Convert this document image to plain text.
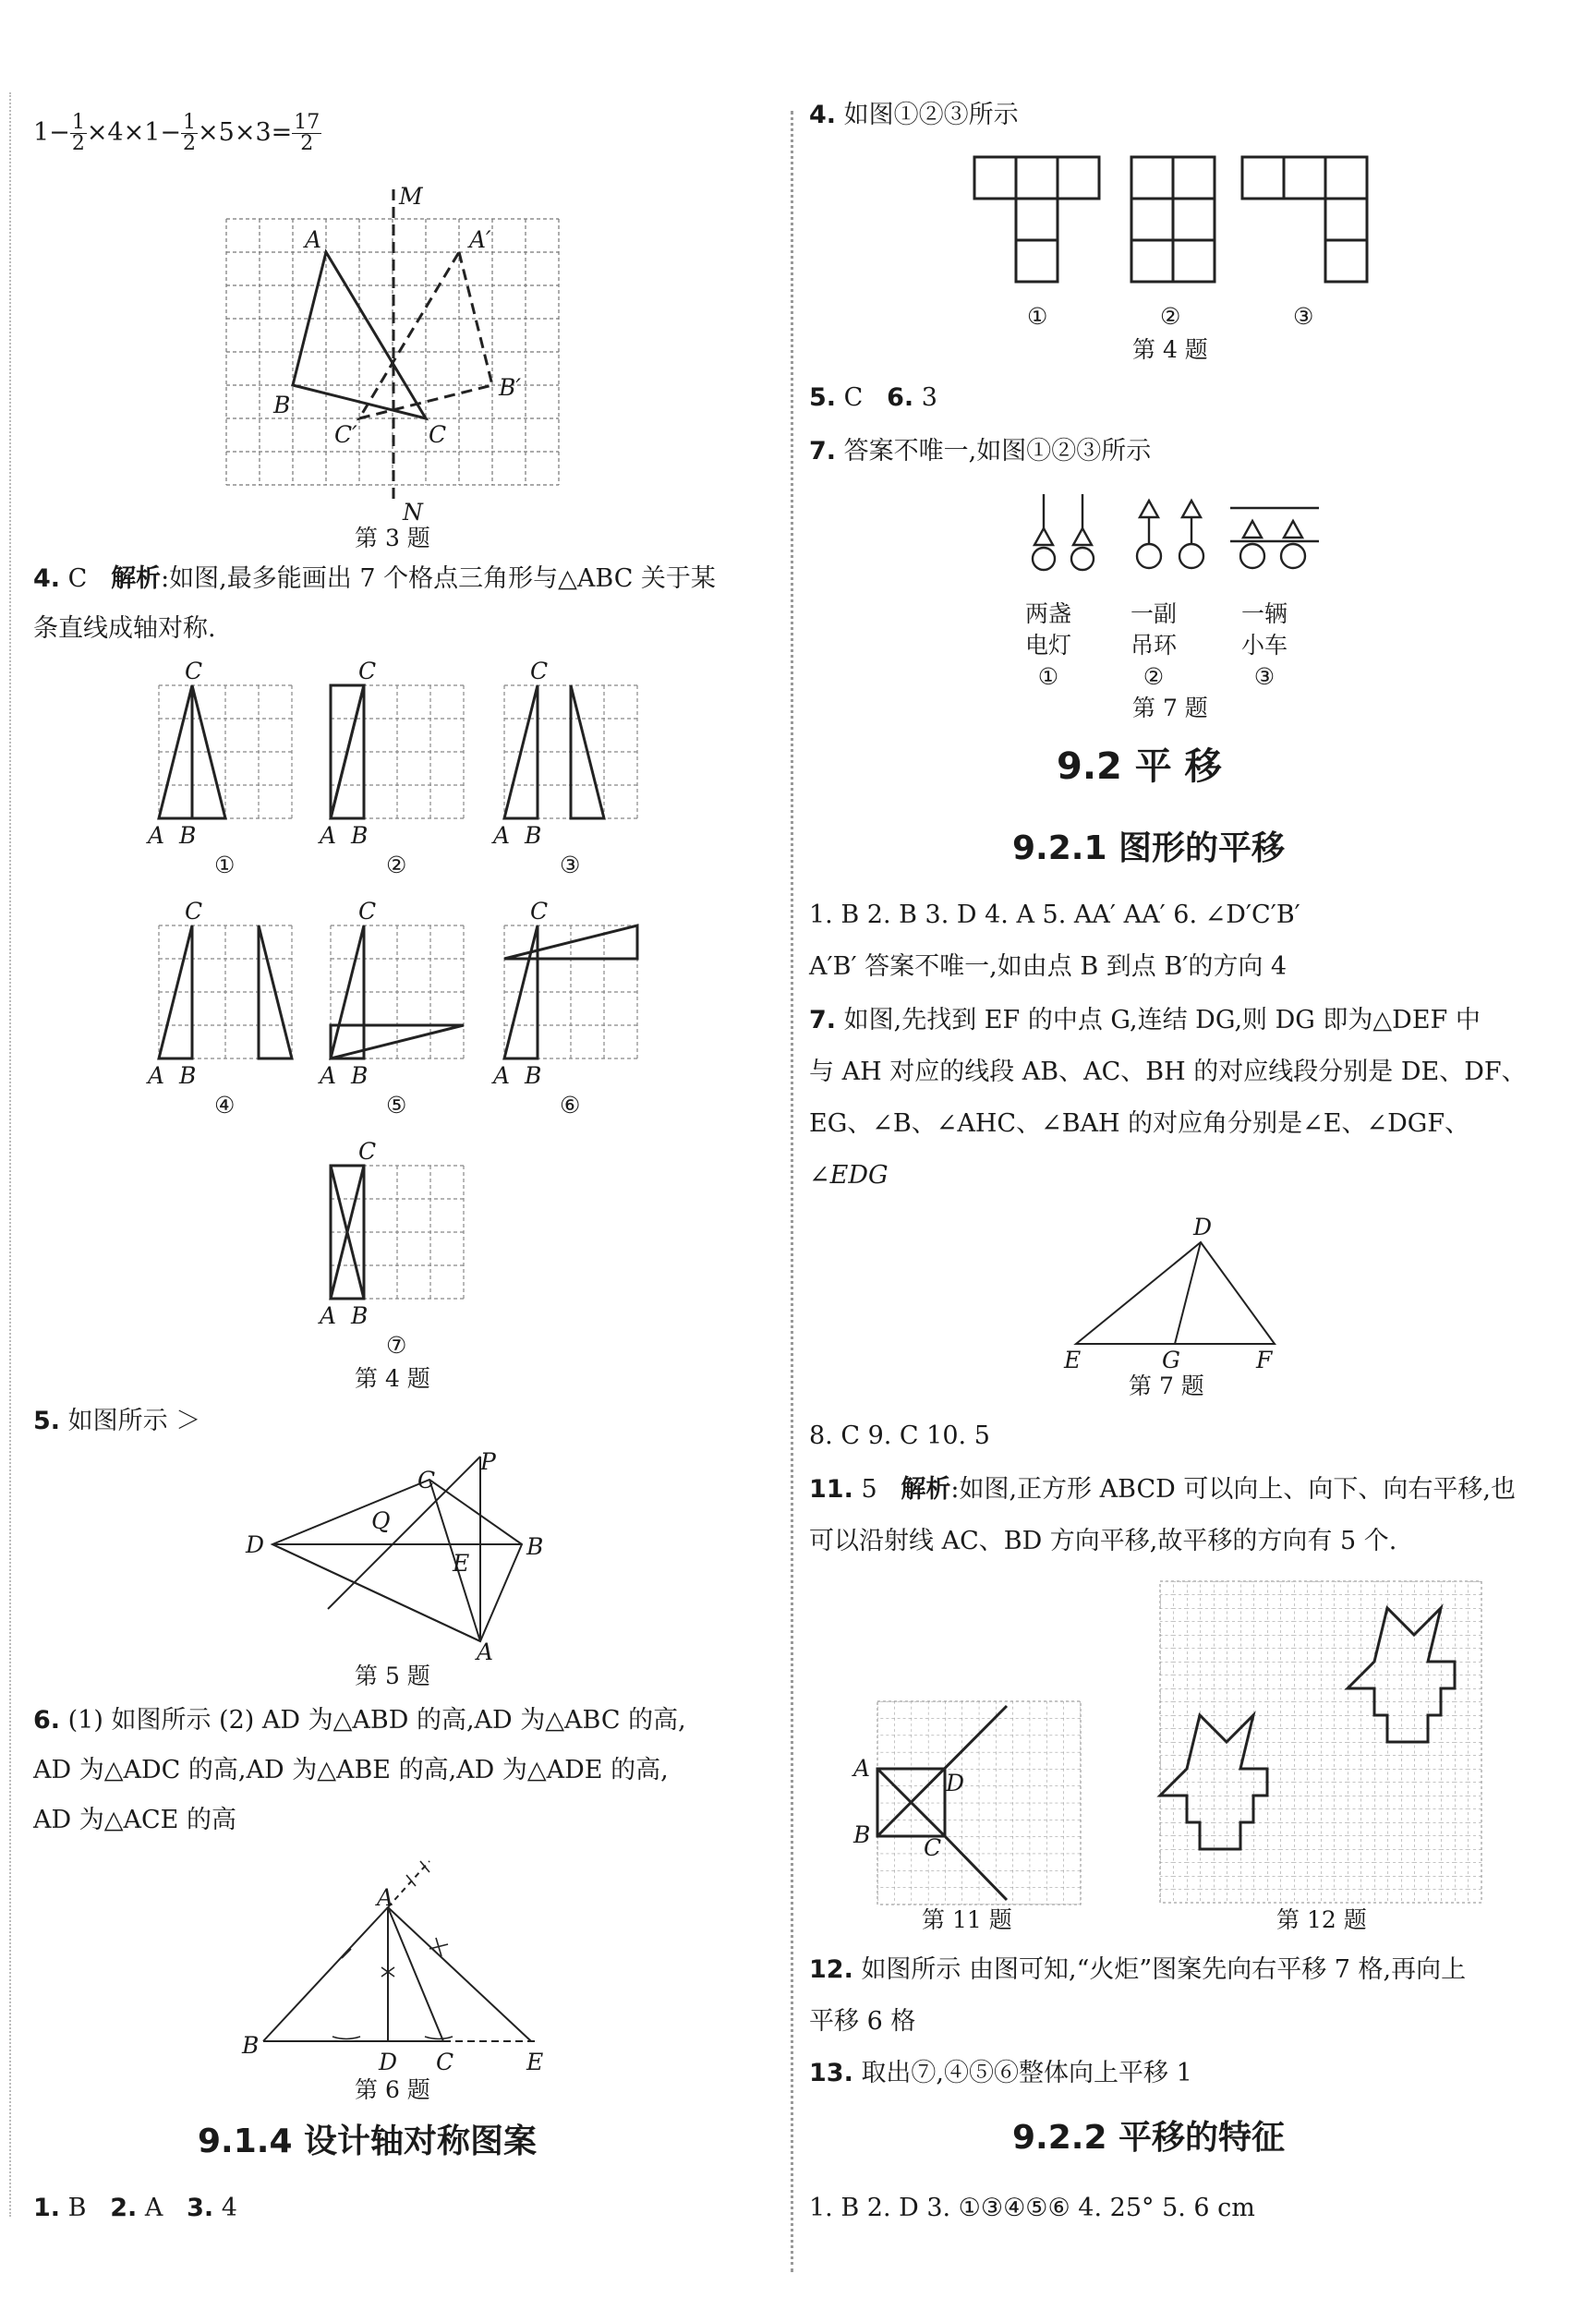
$1- \frac{1}{2} \times 4\times 1- \frac{1}{2} \times 5\times 3= \frac{17}{2}$
M
A	A′
B
B′
C′	C
N
第 3 题
4. C 解析:如图,最多能画出 7 个格点三角形与△ABC 关于某
条直线成轴对称.
C
A B
①
C
A B
②
C
A B
③
C
A B
④
C
A B
⑤
C
A B
⑥
C
A B
⑦
第 4 题
5. 如图所示 ＞
P
C
Q
D
E
B
A
第 5 题
6. (1) 如图所示 (2) AD 为△ABD 的高,AD 为△ABC 的高,
AD 为△ADC 的高,AD 为△ABE 的高,AD 为△ADE 的高,
AD 为△ACE 的高
A
B
D C	E
第 6 题
9.1.4 设计轴对称图案
1. B 2. A 3. 4
4. 如图①②③所示
①	②	③
第 4 题
5. C 6. 3
7. 答案不唯一,如图①②③所示
两盏
电灯
①
一副
吊环
②
一辆
小车
③
第 7 题
9.2 平 移
9.2.1 图形的平移
1. B 2. B 3. D 4. A 5. AA′ AA′ 6. ∠D′C′B′
A′B′ 答案不唯一,如由点 B 到点 B′的方向 4
7. 如图,先找到 EF 的中点 G,连结 DG,则 DG 即为△DEF 中
与 AH 对应的线段 AB、AC、BH 的对应线段分别是 DE、DF、
EG、∠B、∠AHC、∠BAH 的对应角分别是∠E、∠DGF、
∠EDG
D
E	G	F
第 7 题
8. C 9. C 10. 5
11. 5 解析:如图,正方形 ABCD 可以向上、向下、向右平移,也
可以沿射线 AC、BD 方向平移,故平移的方向有 5 个.
A
B
D
C
第 11 题	第 12 题
12. 如图所示 由图可知,“火炬”图案先向右平移 7 格,再向上
平移 6 格
13. 取出⑦,④⑤⑥整体向上平移 1
9.2.2 平移的特征
1. B 2. D 3. ①③④⑤⑥ 4. 25° 5. 6 cm
